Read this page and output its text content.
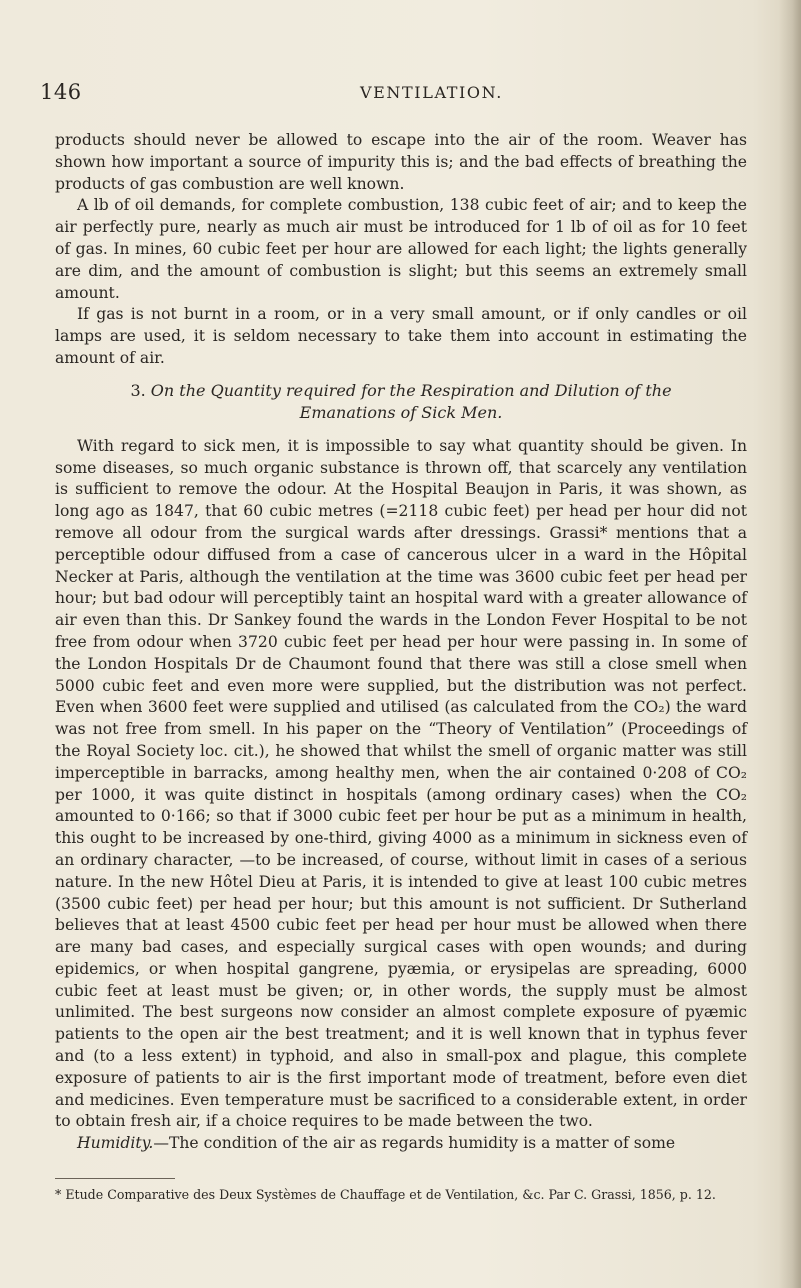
146	VENTILATION.

products should never be allowed to escape into the air of the room. Weaver has shown how important a source of impurity this is; and the bad effects of breathing the products of gas combustion are well known.

A lb of oil demands, for complete combustion, 138 cubic feet of air; and to keep the air perfectly pure, nearly as much air must be introduced for 1 lb of oil as for 10 feet of gas. In mines, 60 cubic feet per hour are allowed for each light; the lights generally are dim, and the amount of combustion is slight; but this seems an extremely small amount.

If gas is not burnt in a room, or in a very small amount, or if only candles or oil lamps are used, it is seldom necessary to take them into account in estimating the amount of air.

3. On the Quantity required for the Respiration and Dilution of the
Emanations of Sick Men.

With regard to sick men, it is impossible to say what quantity should be given. In some diseases, so much organic substance is thrown off, that scarcely any ventilation is sufficient to remove the odour. At the Hospital Beaujon in Paris, it was shown, as long ago as 1847, that 60 cubic metres (=2118 cubic feet) per head per hour did not remove all odour from the surgical wards after dressings. Grassi* mentions that a perceptible odour diffused from a case of cancerous ulcer in a ward in the Hôpital Necker at Paris, although the ventilation at the time was 3600 cubic feet per head per hour; but bad odour will perceptibly taint an hospital ward with a greater allowance of air even than this. Dr Sankey found the wards in the London Fever Hospital to be not free from odour when 3720 cubic feet per head per hour were passing in. In some of the London Hospitals Dr de Chaumont found that there was still a close smell when 5000 cubic feet and even more were supplied, but the distribution was not perfect. Even when 3600 feet were supplied and utilised (as calculated from the CO₂) the ward was not free from smell. In his paper on the “Theory of Ventilation” (Proceedings of the Royal Society loc. cit.), he showed that whilst the smell of organic matter was still imperceptible in barracks, among healthy men, when the air contained 0·208 of CO₂ per 1000, it was quite distinct in hospitals (among ordinary cases) when the CO₂ amounted to 0·166; so that if 3000 cubic feet per hour be put as a minimum in health, this ought to be increased by one-third, giving 4000 as a minimum in sickness even of an ordinary character, —to be increased, of course, without limit in cases of a serious nature. In the new Hôtel Dieu at Paris, it is intended to give at least 100 cubic metres (3500 cubic feet) per head per hour; but this amount is not sufficient. Dr Sutherland believes that at least 4500 cubic feet per head per hour must be allowed when there are many bad cases, and especially surgical cases with open wounds; and during epidemics, or when hospital gangrene, pyæmia, or erysipelas are spreading, 6000 cubic feet at least must be given; or, in other words, the supply must be almost unlimited. The best surgeons now consider an almost complete exposure of pyæmic patients to the open air the best treatment; and it is well known that in typhus fever and (to a less extent) in typhoid, and also in small-pox and plague, this complete exposure of patients to air is the first important mode of treatment, before even diet and medicines. Even temperature must be sacrificed to a considerable extent, in order to obtain fresh air, if a choice requires to be made between the two.

Humidity.—The condition of the air as regards humidity is a matter of some

* Etude Comparative des Deux Systèmes de Chauffage et de Ventilation, &c. Par C. Grassi, 1856, p. 12.
